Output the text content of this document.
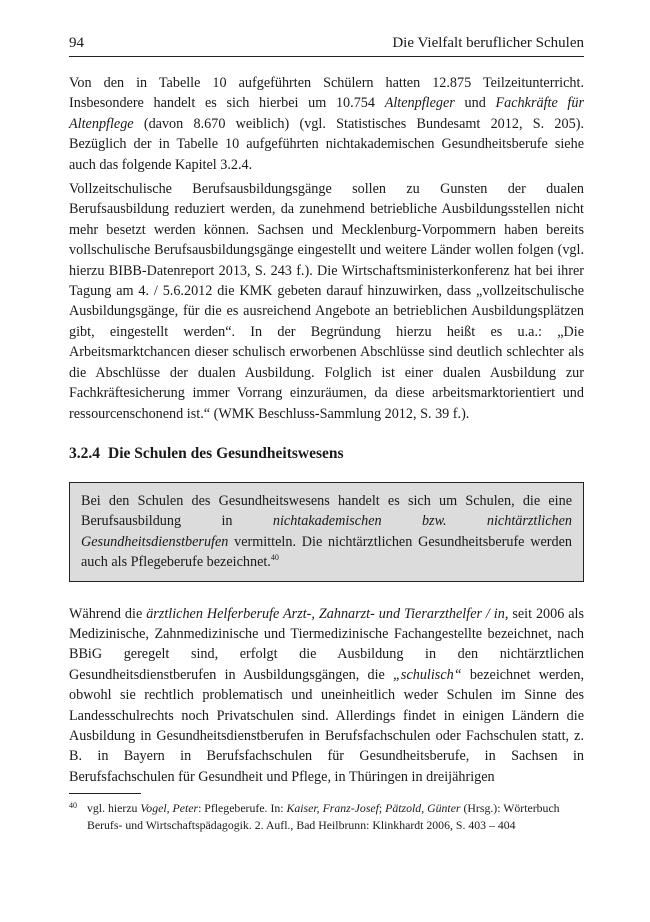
94	Die Vielfalt beruflicher Schulen

Von den in Tabelle 10 aufgeführten Schülern hatten 12.875 Teilzeitunterricht. Insbesondere handelt es sich hierbei um 10.754 Altenpfleger und Fachkräfte für Altenpflege (davon 8.670 weiblich) (vgl. Statistisches Bundesamt 2012, S. 205). Bezüglich der in Tabelle 10 aufgeführten nichtakademischen Gesundheitsberufe siehe auch das folgende Kapitel 3.2.4.

Vollzeitschulische Berufsausbildungsgänge sollen zu Gunsten der dualen Berufsausbildung reduziert werden, da zunehmend betriebliche Ausbildungsstellen nicht mehr besetzt werden können. Sachsen und Mecklenburg-Vorpommern haben bereits vollschulische Berufsausbildungsgänge eingestellt und weitere Länder wollen folgen (vgl. hierzu BIBB-Datenreport 2013, S. 243 f.). Die Wirtschaftsministerkonferenz hat bei ihrer Tagung am 4. / 5.6.2012 die KMK gebeten darauf hinzuwirken, dass „vollzeitschulische Ausbildungsgänge, für die es ausreichend Angebote an betrieblichen Ausbildungsplätzen gibt, eingestellt werden“. In der Begründung hierzu heißt es u.a.: „Die Arbeitsmarktchancen dieser schulisch erworbenen Abschlüsse sind deutlich schlechter als die Abschlüsse der dualen Ausbildung. Folglich ist einer dualen Ausbildung zur Fachkräftesicherung immer Vorrang einzuräumen, da diese arbeitsmarktorientiert und ressourcenschonend ist.“ (WMK Beschluss-Sammlung 2012, S. 39 f.).

3.2.4 Die Schulen des Gesundheitswesens
Bei den Schulen des Gesundheitswesens handelt es sich um Schulen, die eine Berufsausbildung in nichtakademischen bzw. nichtärztlichen Gesundheitsdienstberufen vermitteln. Die nichtärztlichen Gesundheitsberufe werden auch als Pflegeberufe bezeichnet.$^{40}$

Während die ärztlichen Helferberufe Arzt-, Zahnarzt- und Tierarzthelfer / in, seit 2006 als Medizinische, Zahnmedizinische und Tiermedizinische Fachangestellte bezeichnet, nach BBiG geregelt sind, erfolgt die Ausbildung in den nichtärztlichen Gesundheitsdienstberufen in Ausbildungsgängen, die „schulisch“ bezeichnet werden, obwohl sie rechtlich problematisch und uneinheitlich weder Schulen im Sinne des Landesschulrechts noch Privatschulen sind. Allerdings findet in einigen Ländern die Ausbildung in Gesundheitsdienstberufen in Berufsfachschulen oder Fachschulen statt, z. B. in Bayern in Berufsfachschulen für Gesundheitsberufe, in Sachsen in Berufsfachschulen für Gesundheit und Pflege, in Thüringen in dreijährigen

40 vgl. hierzu Vogel, Peter: Pflegeberufe. In: Kaiser, Franz-Josef; Pätzold, Günter (Hrsg.): Wörterbuch Berufs- und Wirtschaftspädagogik. 2. Aufl., Bad Heilbrunn: Klinkhardt 2006, S. 403 – 404
